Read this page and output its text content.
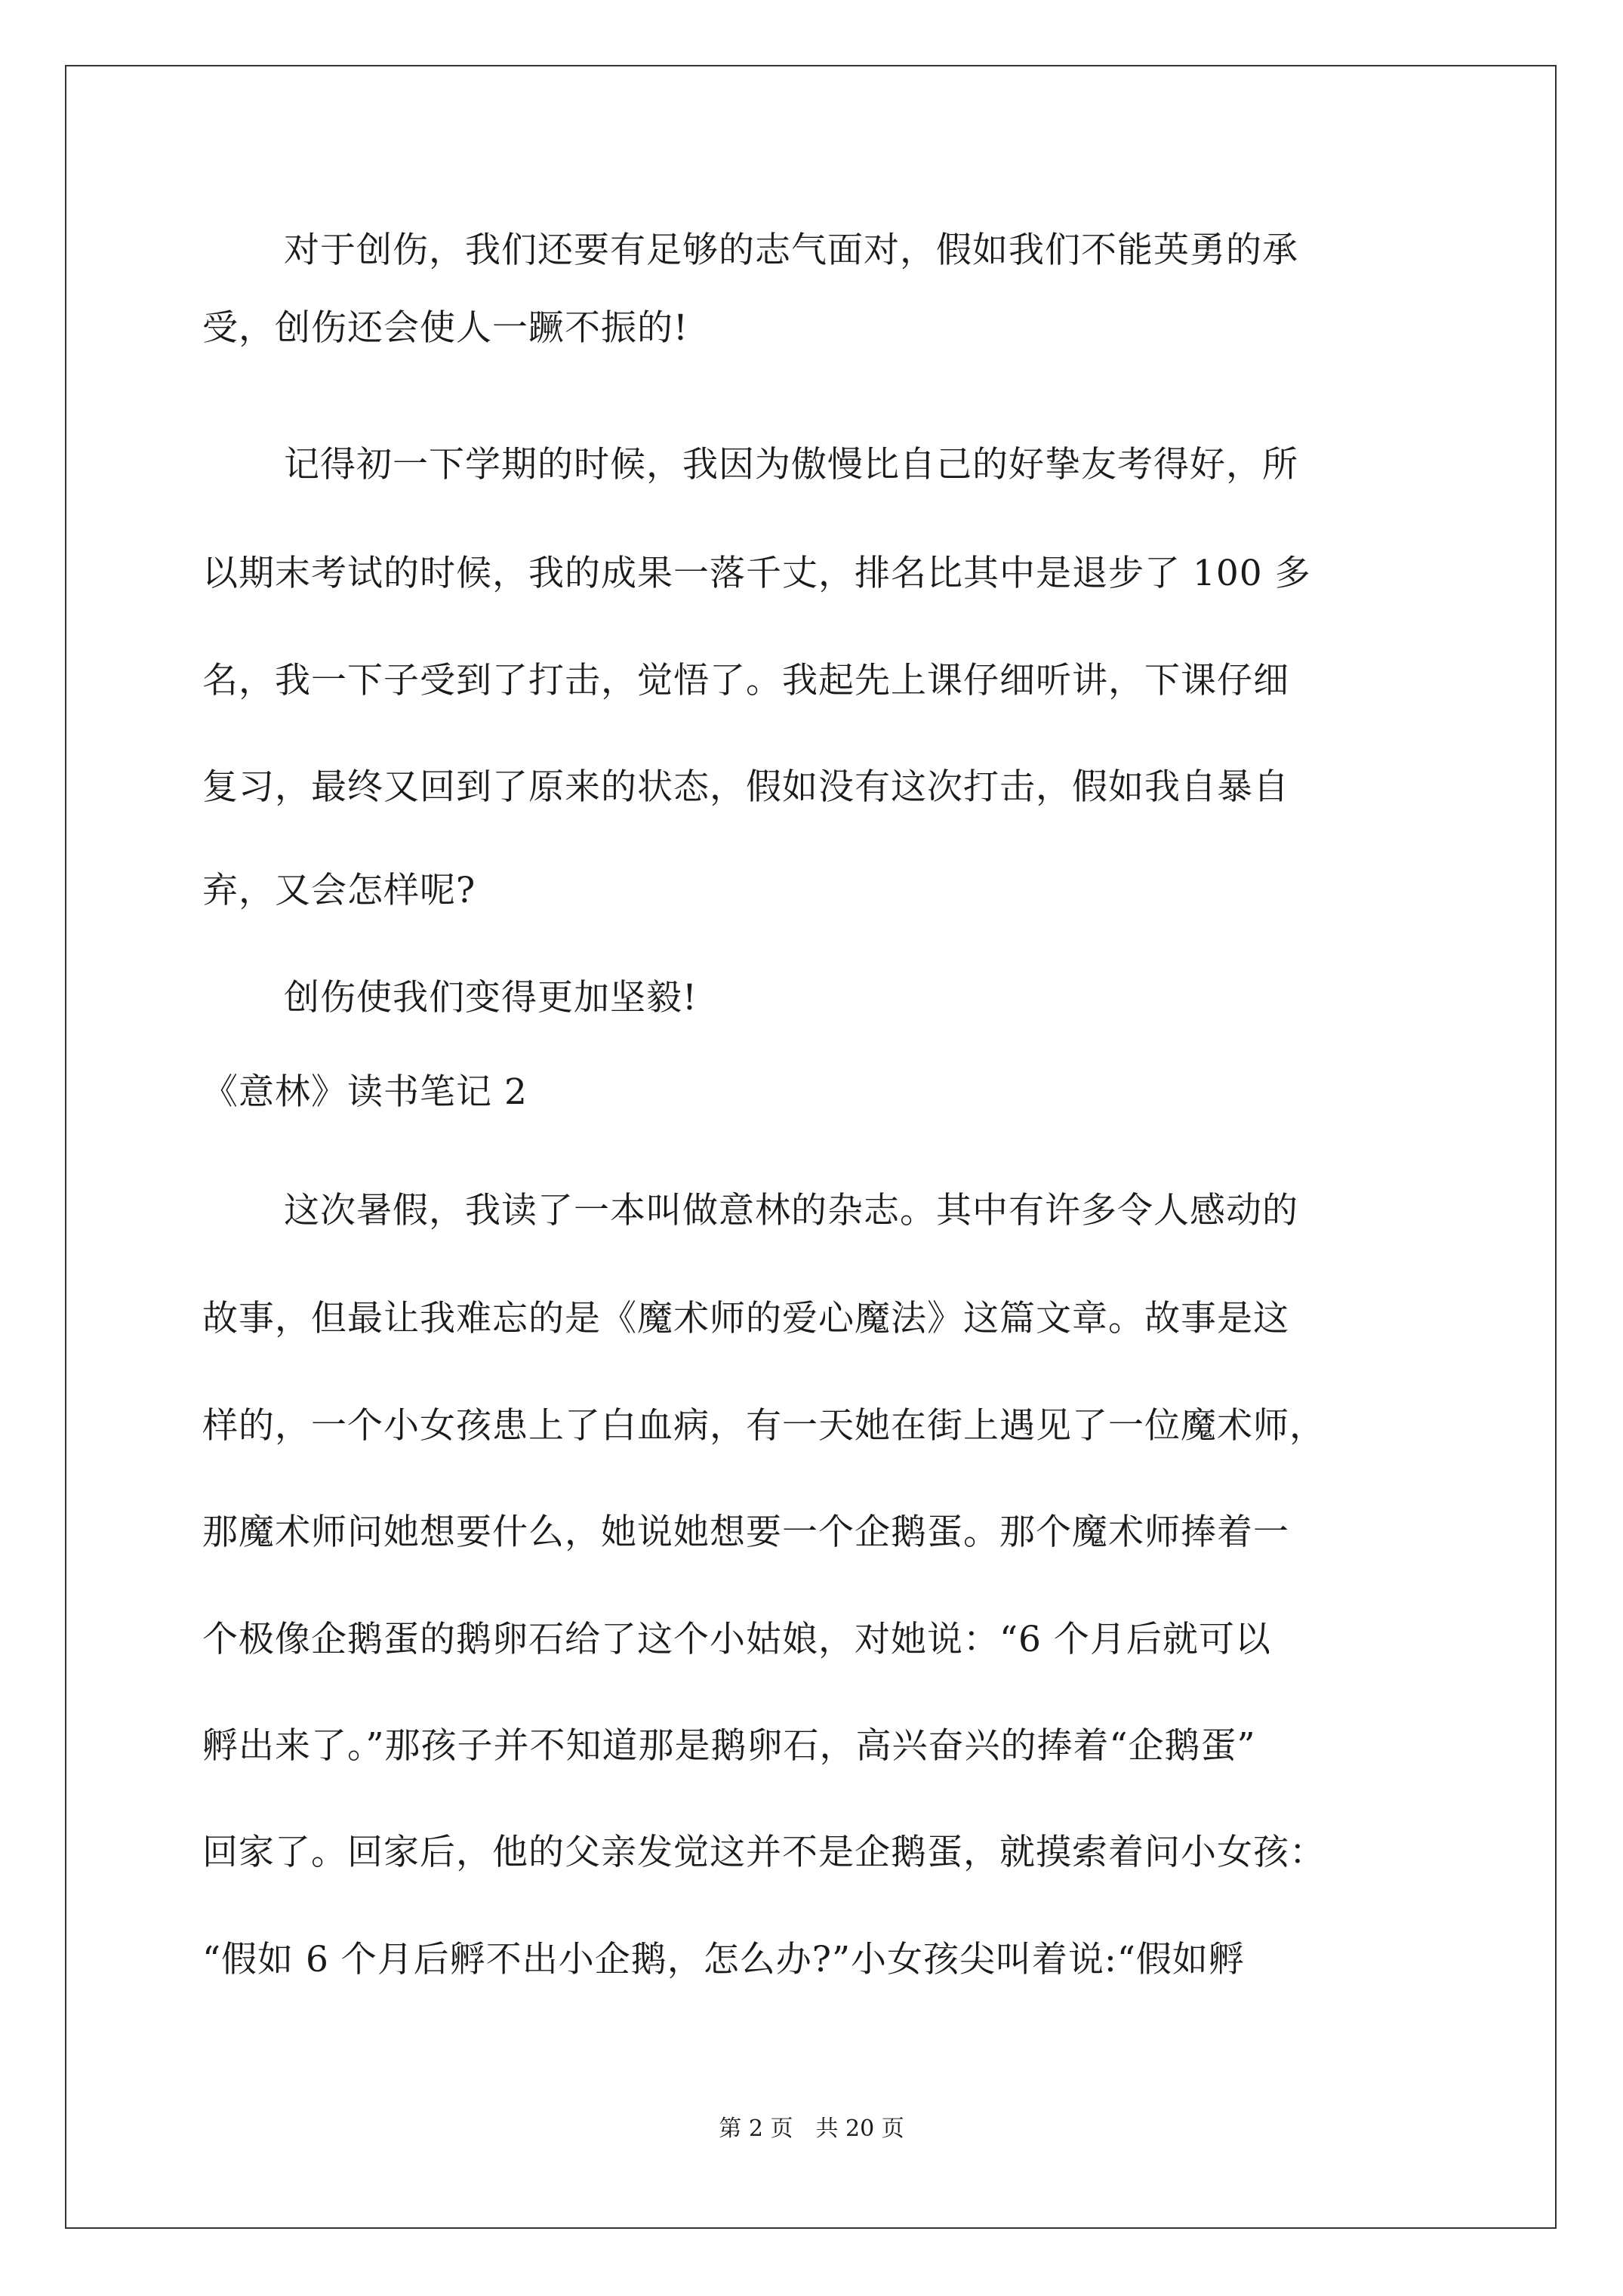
对于创伤，我们还要有足够的志气面对，假如我们不能英勇的承
受，创伤还会使人一蹶不振的!
记得初一下学期的时候，我因为傲慢比自己的好挚友考得好，所
以期末考试的时候，我的成果一落千丈，排名比其中是退步了 100 多
名，我一下子受到了打击，觉悟了。我起先上课仔细听讲，下课仔细
复习，最终又回到了原来的状态，假如没有这次打击，假如我自暴自
弃，又会怎样呢?
创伤使我们变得更加坚毅!
《意林》读书笔记 2
这次暑假，我读了一本叫做意林的杂志。其中有许多令人感动的
故事，但最让我难忘的是《魔术师的爱心魔法》这篇文章。故事是这
样的，一个小女孩患上了白血病，有一天她在街上遇见了一位魔术师，
那魔术师问她想要什么，她说她想要一个企鹅蛋。那个魔术师捧着一
个极像企鹅蛋的鹅卵石给了这个小姑娘，对她说：“6 个月后就可以
孵出来了。”那孩子并不知道那是鹅卵石，高兴奋兴的捧着“企鹅蛋”
回家了。回家后，他的父亲发觉这并不是企鹅蛋，就摸索着问小女孩：
“假如 6 个月后孵不出小企鹅，怎么办?”小女孩尖叫着说:“假如孵
第 2 页　共 20 页
